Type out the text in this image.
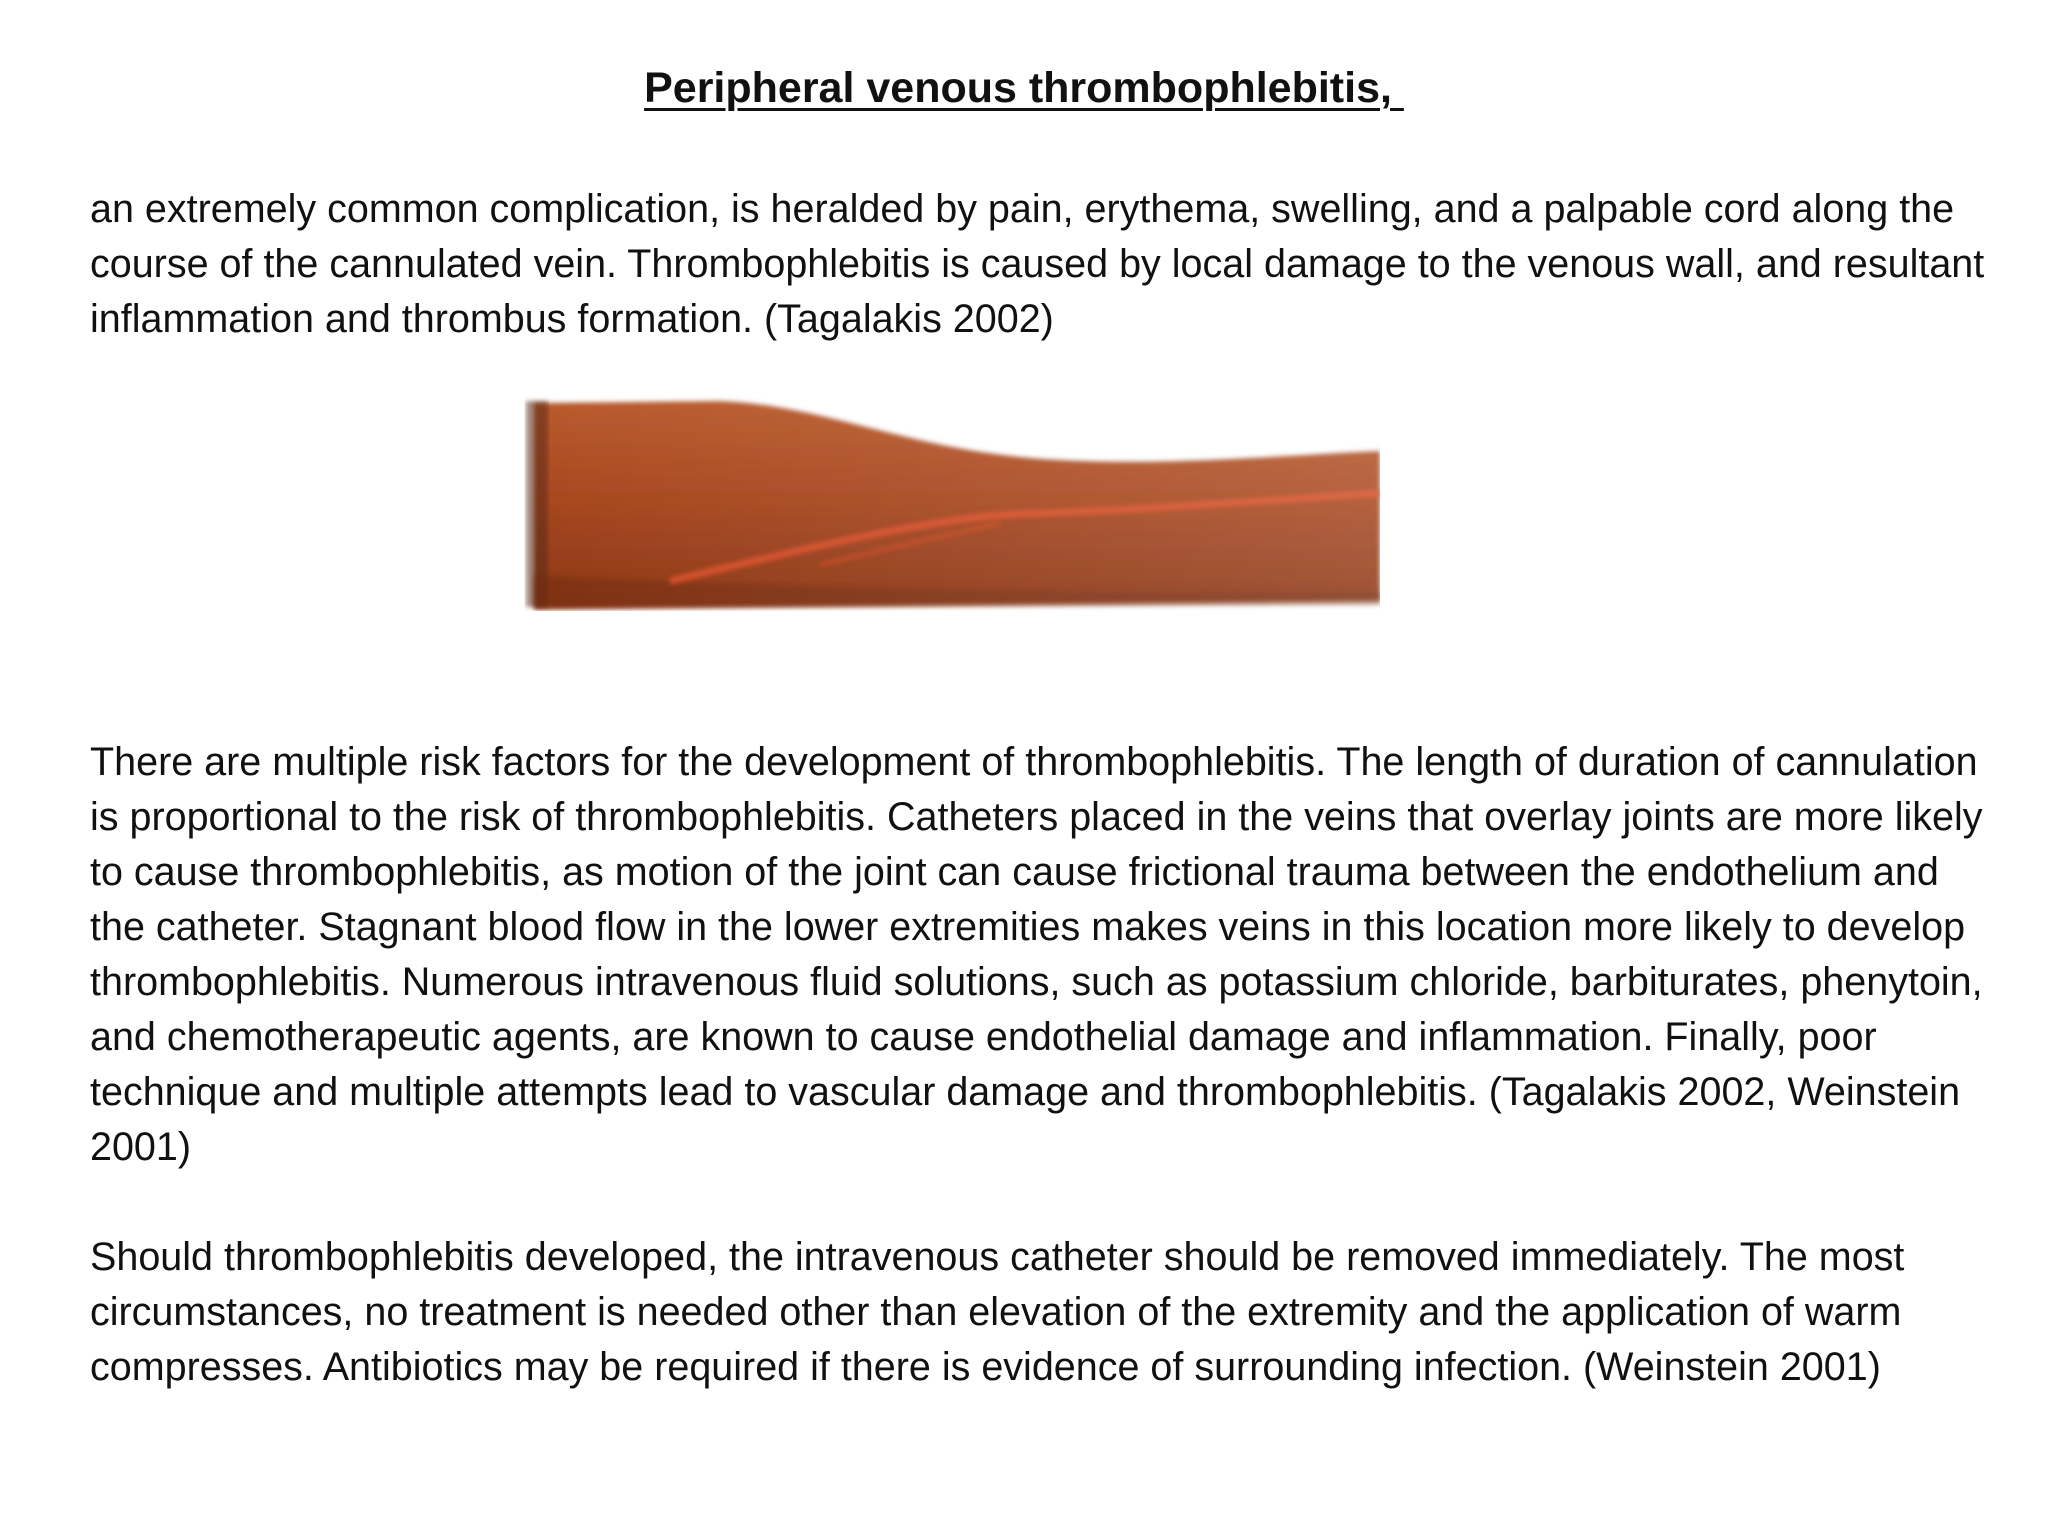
Peripheral venous thrombophlebitis,

an extremely common complication, is heralded by pain, erythema, swelling, and a palpable cord along the course of the cannulated vein. Thrombophlebitis is caused by local damage to the venous wall, and resultant inflammation and thrombus formation. (Tagalakis 2002)

There are multiple risk factors for the development of thrombophlebitis. The length of duration of cannulation is proportional to the risk of thrombophlebitis. Catheters placed in the veins that overlay joints are more likely to cause thrombophlebitis, as motion of the joint can cause frictional trauma between the endothelium and the catheter. Stagnant blood flow in the lower extremities makes veins in this location more likely to develop thrombophlebitis. Numerous intravenous fluid solutions, such as potassium chloride, barbiturates, phenytoin, and chemotherapeutic agents, are known to cause endothelial damage and inflammation. Finally, poor technique and multiple attempts lead to vascular damage and thrombophlebitis. (Tagalakis 2002, Weinstein 2001)

Should thrombophlebitis developed, the intravenous catheter should be removed immediately. The most circumstances, no treatment is needed other than elevation of the extremity and the application of warm compresses. Antibiotics may be required if there is evidence of surrounding infection. (Weinstein 2001)
